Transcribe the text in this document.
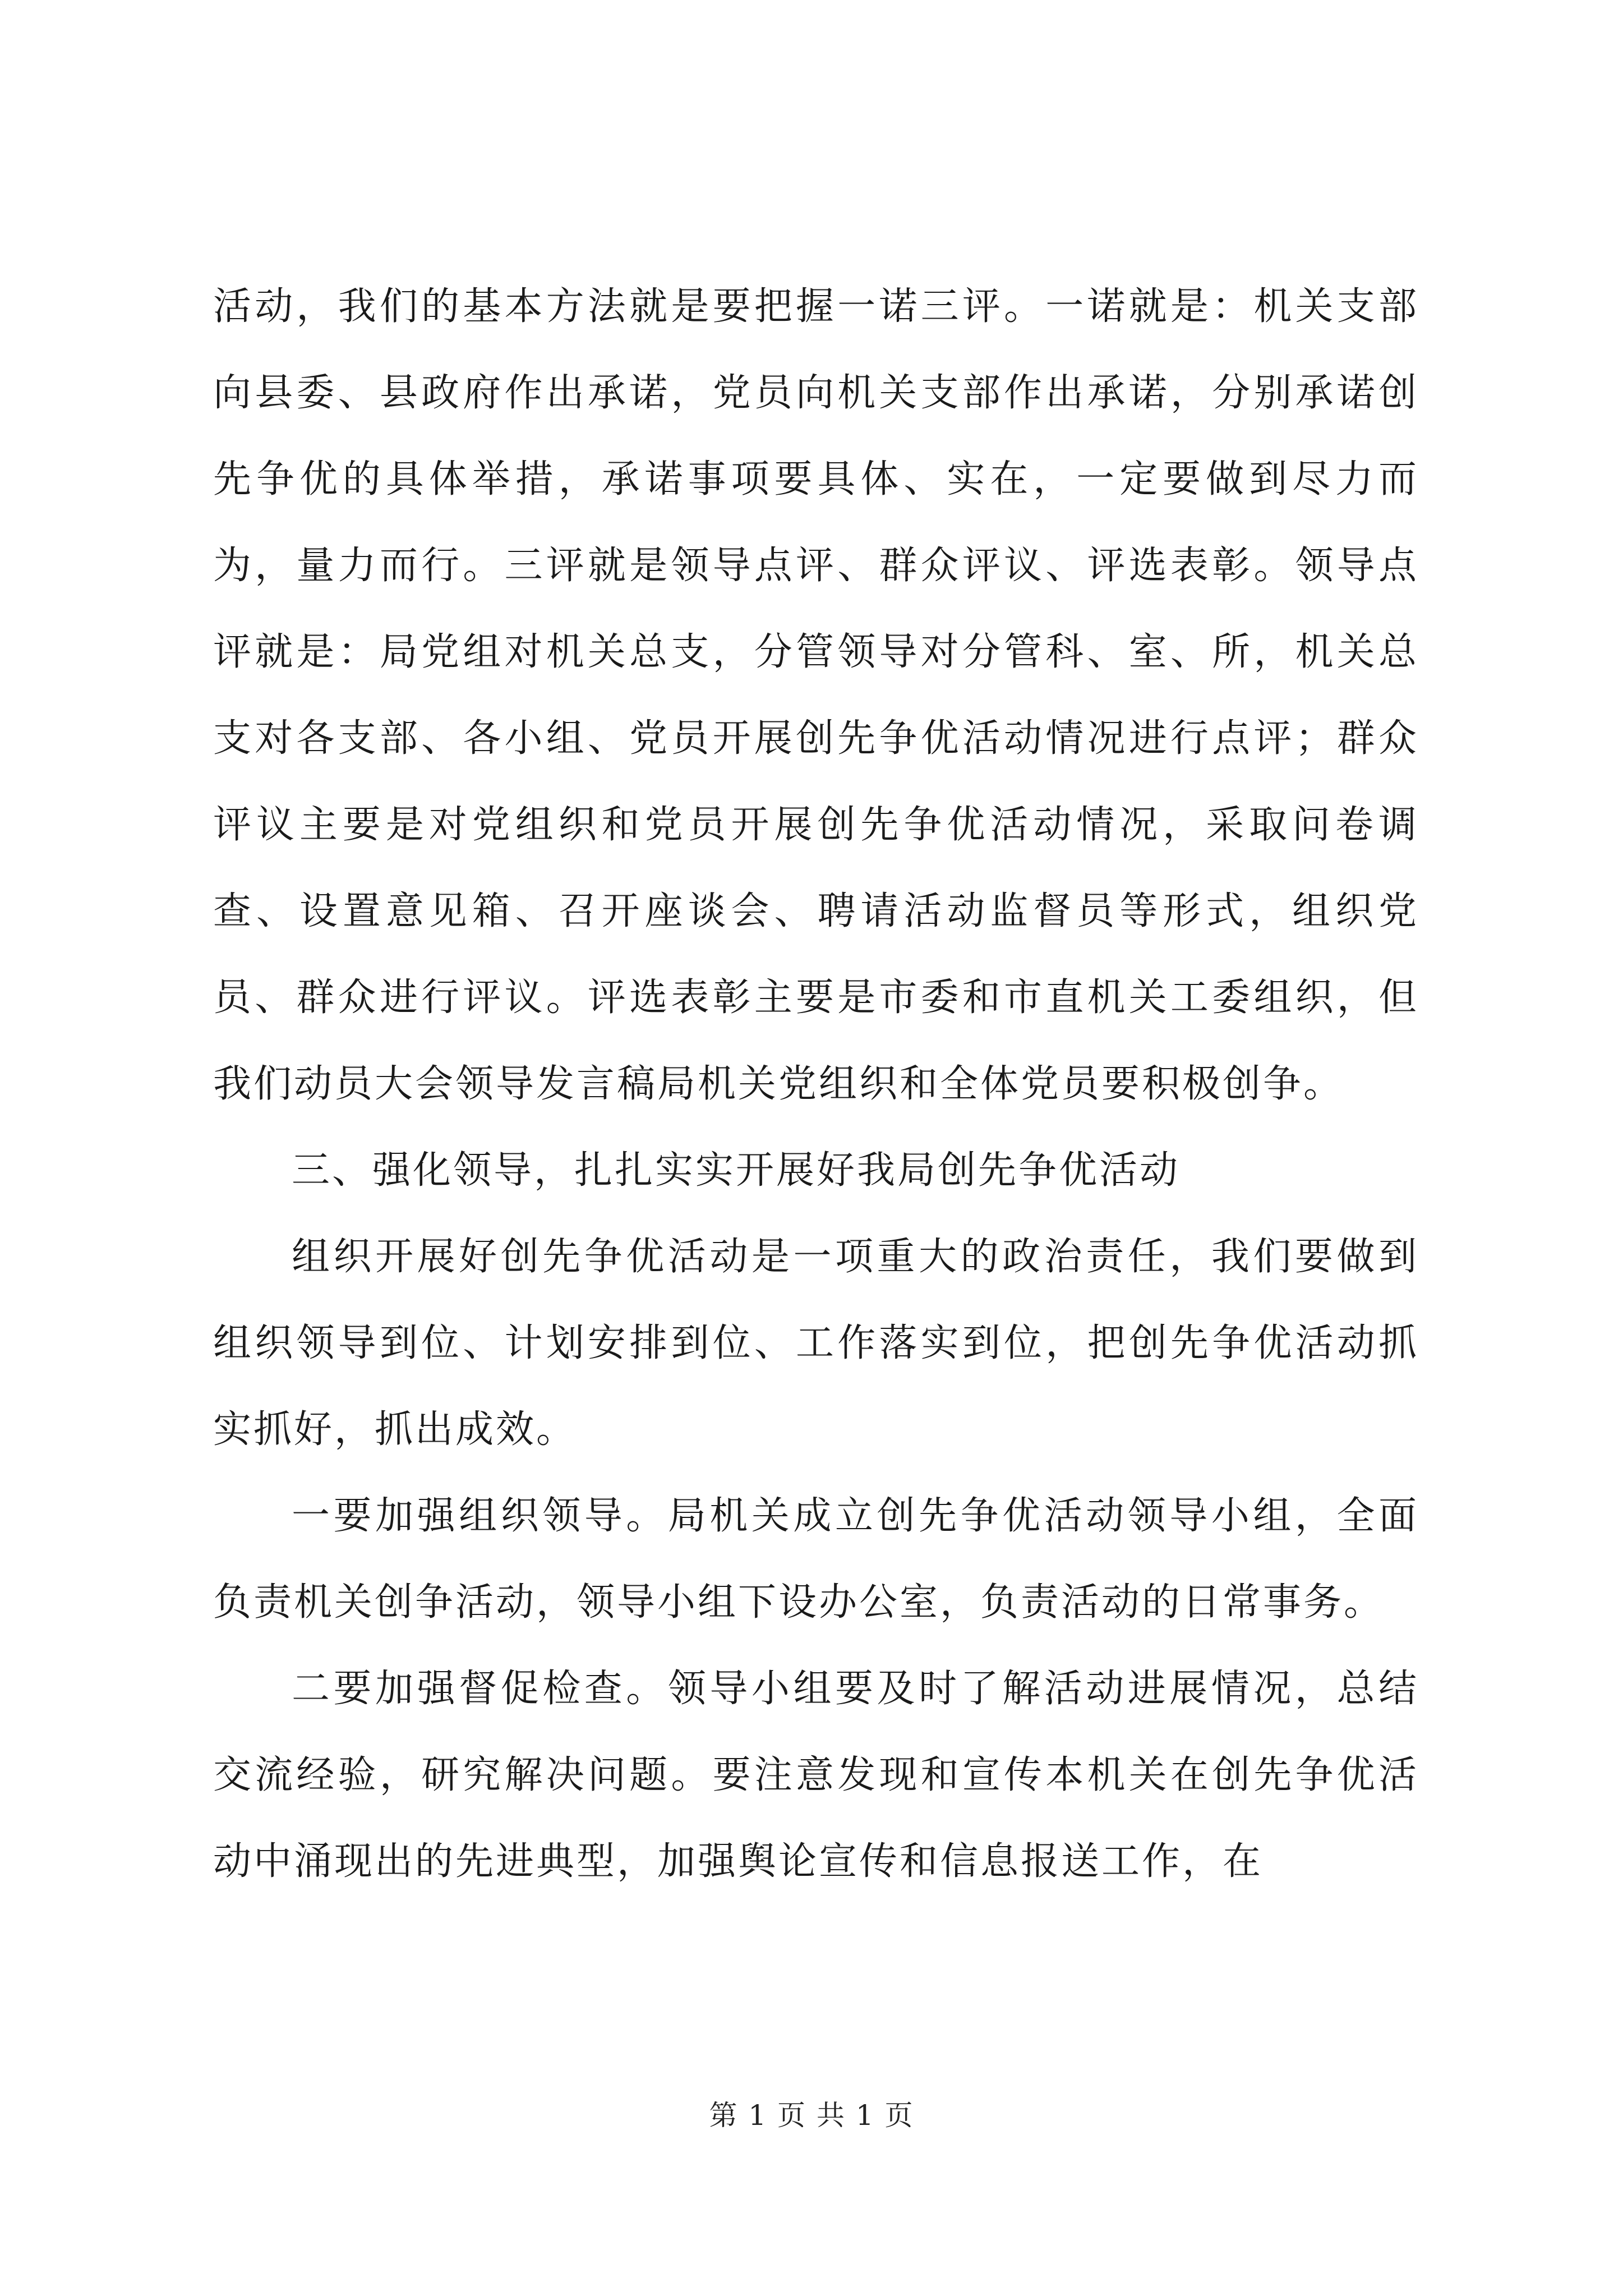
活动，我们的基本方法就是要把握一诺三评。一诺就是：机关支部向县委、县政府作出承诺，党员向机关支部作出承诺，分别承诺创先争优的具体举措，承诺事项要具体、实在，一定要做到尽力而为，量力而行。三评就是领导点评、群众评议、评选表彰。领导点评就是：局党组对机关总支，分管领导对分管科、室、所，机关总支对各支部、各小组、党员开展创先争优活动情况进行点评；群众评议主要是对党组织和党员开展创先争优活动情况，采取问卷调查、设置意见箱、召开座谈会、聘请活动监督员等形式，组织党员、群众进行评议。评选表彰主要是市委和市直机关工委组织，但我们动员大会领导发言稿局机关党组织和全体党员要积极创争。

三、强化领导，扎扎实实开展好我局创先争优活动

组织开展好创先争优活动是一项重大的政治责任，我们要做到组织领导到位、计划安排到位、工作落实到位，把创先争优活动抓实抓好，抓出成效。

一要加强组织领导。局机关成立创先争优活动领导小组，全面负责机关创争活动，领导小组下设办公室，负责活动的日常事务。

二要加强督促检查。领导小组要及时了解活动进展情况，总结交流经验，研究解决问题。要注意发现和宣传本机关在创先争优活动中涌现出的先进典型，加强舆论宣传和信息报送工作，在

第 1 页 共 1 页
